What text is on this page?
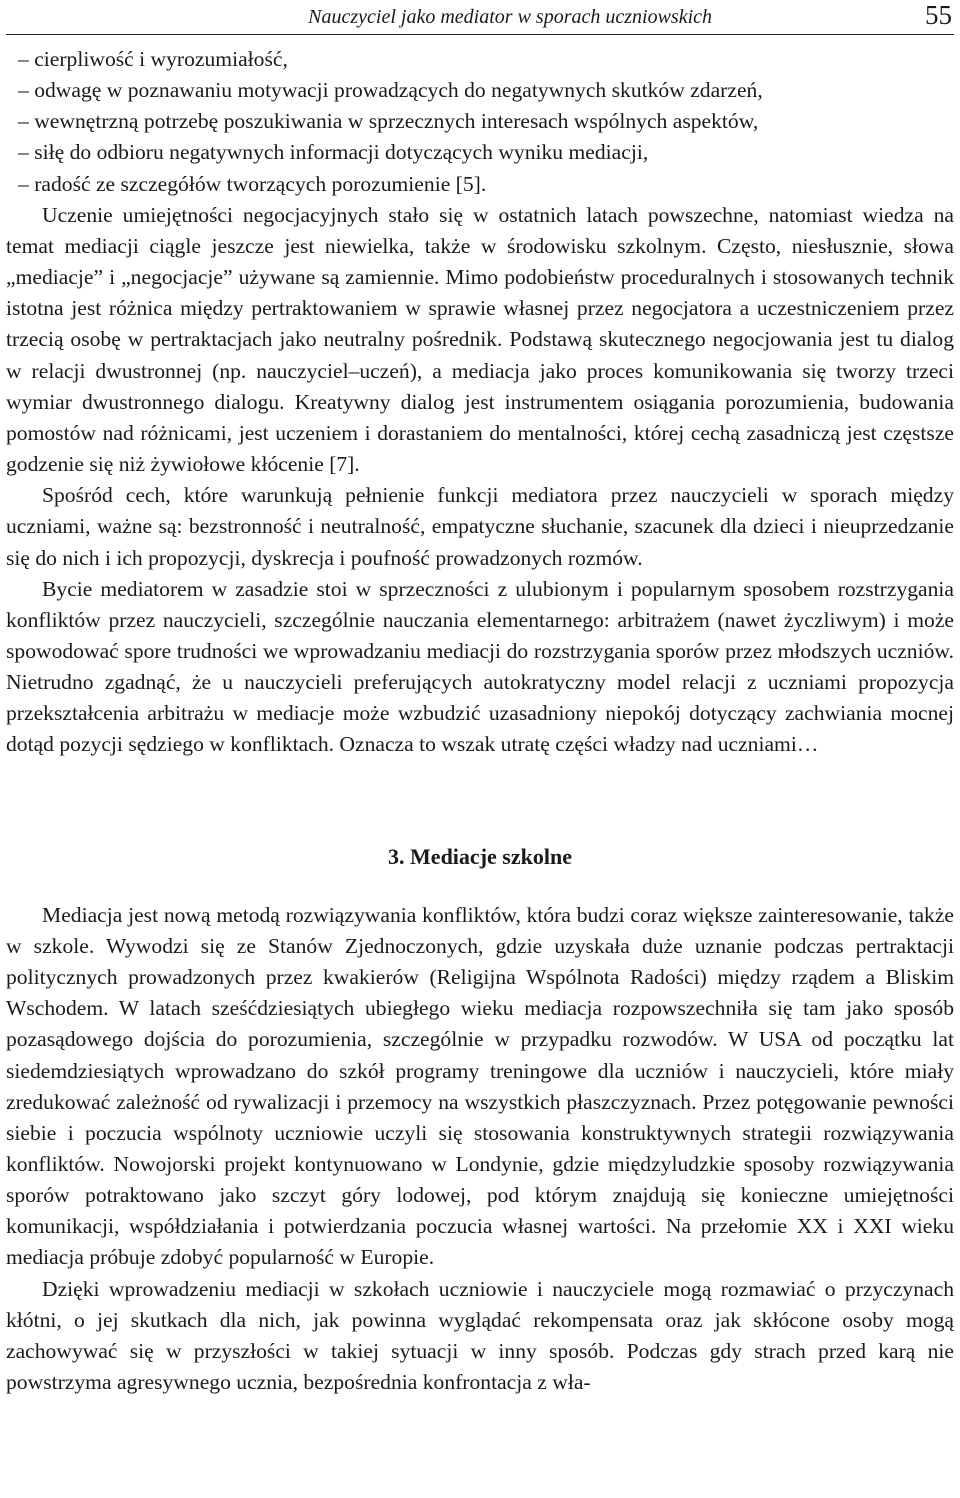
Nauczyciel jako mediator w sporach uczniowskich	55
– cierpliwość i wyrozumiałość,
– odwagę w poznawaniu motywacji prowadzących do negatywnych skutków zdarzeń,
– wewnętrzną potrzebę poszukiwania w sprzecznych interesach wspólnych aspektów,
– siłę do odbioru negatywnych informacji dotyczących wyniku mediacji,
– radość ze szczegółów tworzących porozumienie [5].

Uczenie umiejętności negocjacyjnych stało się w ostatnich latach powszechne, natomiast wiedza na temat mediacji ciągle jeszcze jest niewielka, także w środowisku szkolnym. Często, niesłusznie, słowa „mediacje” i „negocjacje” używane są zamiennie. Mimo podobieństw proceduralnych i stosowanych technik istotna jest różnica między pertraktowaniem w sprawie własnej przez negocjatora a uczestniczeniem przez trzecią osobę w pertraktacjach jako neutralny pośrednik. Podstawą skutecznego negocjowania jest tu dialog w relacji dwustronnej (np. nauczyciel–uczeń), a mediacja jako proces komunikowania się tworzy trzeci wymiar dwustronnego dialogu. Kreatywny dialog jest instrumentem osiągania porozumienia, budowania pomostów nad różnicami, jest uczeniem i dorastaniem do mentalności, której cechą zasadniczą jest częstsze godzenie się niż żywiołowe kłócenie [7].

Spośród cech, które warunkują pełnienie funkcji mediatora przez nauczycieli w sporach między uczniami, ważne są: bezstronność i neutralność, empatyczne słuchanie, szacunek dla dzieci i nieuprzedzanie się do nich i ich propozycji, dyskrecja i poufność prowadzonych rozmów.

Bycie mediatorem w zasadzie stoi w sprzeczności z ulubionym i popularnym sposobem rozstrzygania konfliktów przez nauczycieli, szczególnie nauczania elementarnego: arbitrażem (nawet życzliwym) i może spowodować spore trudności we wprowadzaniu mediacji do rozstrzygania sporów przez młodszych uczniów. Nietrudno zgadnąć, że u nauczycieli preferujących autokratyczny model relacji z uczniami propozycja przekształcenia arbitrażu w mediacje może wzbudzić uzasadniony niepokój dotyczący zachwiania mocnej dotąd pozycji sędziego w konfliktach. Oznacza to wszak utratę części władzy nad uczniami…

3. Mediacje szkolne

Mediacja jest nową metodą rozwiązywania konfliktów, która budzi coraz większe zainteresowanie, także w szkole. Wywodzi się ze Stanów Zjednoczonych, gdzie uzyskała duże uznanie podczas pertraktacji politycznych prowadzonych przez kwakierów (Religijna Wspólnota Radości) między rządem a Bliskim Wschodem. W latach sześćdziesiątych ubiegłego wieku mediacja rozpowszechniła się tam jako sposób pozasądowego dojścia do porozumienia, szczególnie w przypadku rozwodów. W USA od początku lat siedemdziesiątych wprowadzano do szkół programy treningowe dla uczniów i nauczycieli, które miały zredukować zależność od rywalizacji i przemocy na wszystkich płaszczyznach. Przez potęgowanie pewności siebie i poczucia wspólnoty uczniowie uczyli się stosowania konstruktywnych strategii rozwiązywania konfliktów. Nowojorski projekt kontynuowano w Londynie, gdzie międzyludzkie sposoby rozwiązywania sporów potraktowano jako szczyt góry lodowej, pod którym znajdują się konieczne umiejętności komunikacji, współdziałania i potwierdzania poczucia własnej wartości. Na przełomie XX i XXI wieku mediacja próbuje zdobyć popularność w Europie.

Dzięki wprowadzeniu mediacji w szkołach uczniowie i nauczyciele mogą rozmawiać o przyczynach kłótni, o jej skutkach dla nich, jak powinna wyglądać rekompensata oraz jak skłócone osoby mogą zachowywać się w przyszłości w takiej sytuacji w inny sposób. Podczas gdy strach przed karą nie powstrzyma agresywnego ucznia, bezpośrednia konfrontacja z wła-
